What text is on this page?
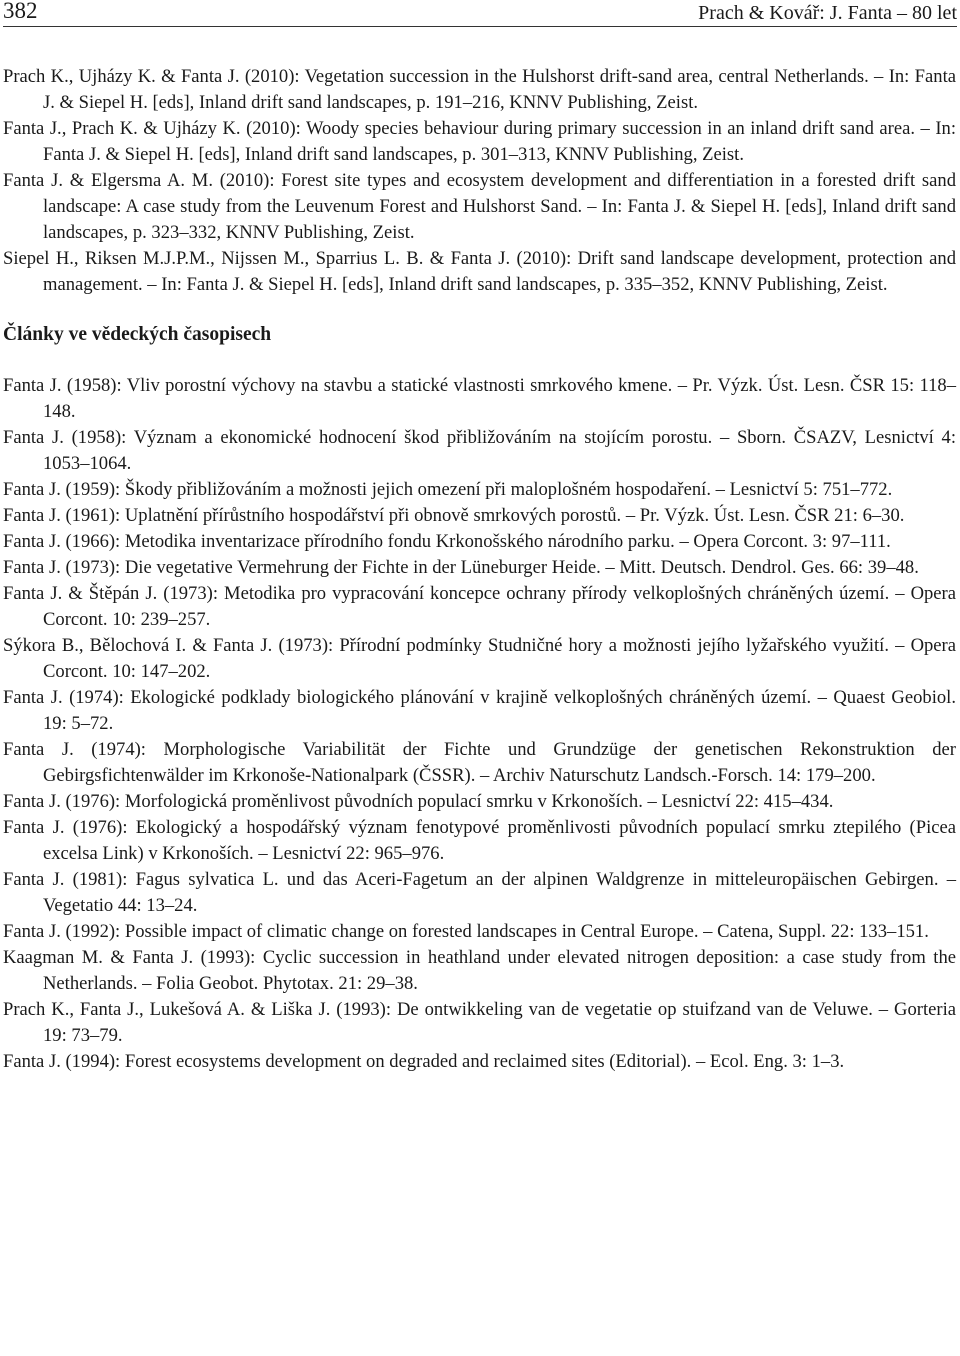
382	Prach & Kovář: J. Fanta – 80 let

Prach K., Ujházy K. & Fanta J. (2010): Vegetation succession in the Hulshorst drift-sand area, central Netherlands. – In: Fanta J. & Siepel H. [eds], Inland drift sand landscapes, p. 191–216, KNNV Publishing, Zeist.

Fanta J., Prach K. & Ujházy K. (2010): Woody species behaviour during primary succession in an inland drift sand area. – In: Fanta J. & Siepel H. [eds], Inland drift sand landscapes, p. 301–313, KNNV Publishing, Zeist.

Fanta J. & Elgersma A. M. (2010): Forest site types and ecosystem development and differentiation in a forested drift sand landscape: A case study from the Leuvenum Forest and Hulshorst Sand. – In: Fanta J. & Siepel H. [eds], Inland drift sand landscapes, p. 323–332, KNNV Publishing, Zeist.

Siepel H., Riksen M.J.P.M., Nijssen M., Sparrius L. B. & Fanta J. (2010): Drift sand landscape development, protection and management. – In: Fanta J. & Siepel H. [eds], Inland drift sand landscapes, p. 335–352, KNNV Publishing, Zeist.

Články ve vědeckých časopisech

Fanta J. (1958): Vliv porostní výchovy na stavbu a statické vlastnosti smrkového kmene. – Pr. Výzk. Úst. Lesn. ČSR 15: 118–148.

Fanta J. (1958): Význam a ekonomické hodnocení škod přibližováním na stojícím porostu. – Sborn. ČSAZV, Lesnictví 4: 1053–1064.

Fanta J. (1959): Škody přibližováním a možnosti jejich omezení při maloplošném hospodaření. – Lesnictví 5: 751–772.

Fanta J. (1961): Uplatnění přírůstního hospodářství při obnově smrkových porostů. – Pr. Výzk. Úst. Lesn. ČSR 21: 6–30.

Fanta J. (1966): Metodika inventarizace přírodního fondu Krkonošského národního parku. – Opera Corcont. 3: 97–111.

Fanta J. (1973): Die vegetative Vermehrung der Fichte in der Lüneburger Heide. – Mitt. Deutsch. Dendrol. Ges. 66: 39–48.

Fanta J. & Štěpán J. (1973): Metodika pro vypracování koncepce ochrany přírody velkoplošných chráněných území. – Opera Corcont. 10: 239–257.

Sýkora B., Bělochová I. & Fanta J. (1973): Přírodní podmínky Studničné hory a možnosti jejího lyžařského využití. – Opera Corcont. 10: 147–202.

Fanta J. (1974): Ekologické podklady biologického plánování v krajině velkoplošných chráněných území. – Quaest Geobiol. 19: 5–72.

Fanta J. (1974): Morphologische Variabilität der Fichte und Grundzüge der genetischen Rekonstruktion der Gebirgsfichtenwälder im Krkonoše-Nationalpark (ČSSR). – Archiv Naturschutz Landsch.-Forsch. 14: 179–200.

Fanta J. (1976): Morfologická proměnlivost původních populací smrku v Krkonoších. – Lesnictví 22: 415–434.

Fanta J. (1976): Ekologický a hospodářský význam fenotypové proměnlivosti původních populací smrku ztepilého (Picea excelsa Link) v Krkonoších. – Lesnictví 22: 965–976.

Fanta J. (1981): Fagus sylvatica L. und das Aceri-Fagetum an der alpinen Waldgrenze in mitteleuropäischen Gebirgen. – Vegetatio 44: 13–24.

Fanta J. (1992): Possible impact of climatic change on forested landscapes in Central Europe. – Catena, Suppl. 22: 133–151.

Kaagman M. & Fanta J. (1993): Cyclic succession in heathland under elevated nitrogen deposition: a case study from the Netherlands. – Folia Geobot. Phytotax. 21: 29–38.

Prach K., Fanta J., Lukešová A. & Liška J. (1993): De ontwikkeling van de vegetatie op stuifzand van de Veluwe. – Gorteria 19: 73–79.

Fanta J. (1994): Forest ecosystems development on degraded and reclaimed sites (Editorial). – Ecol. Eng. 3: 1–3.
